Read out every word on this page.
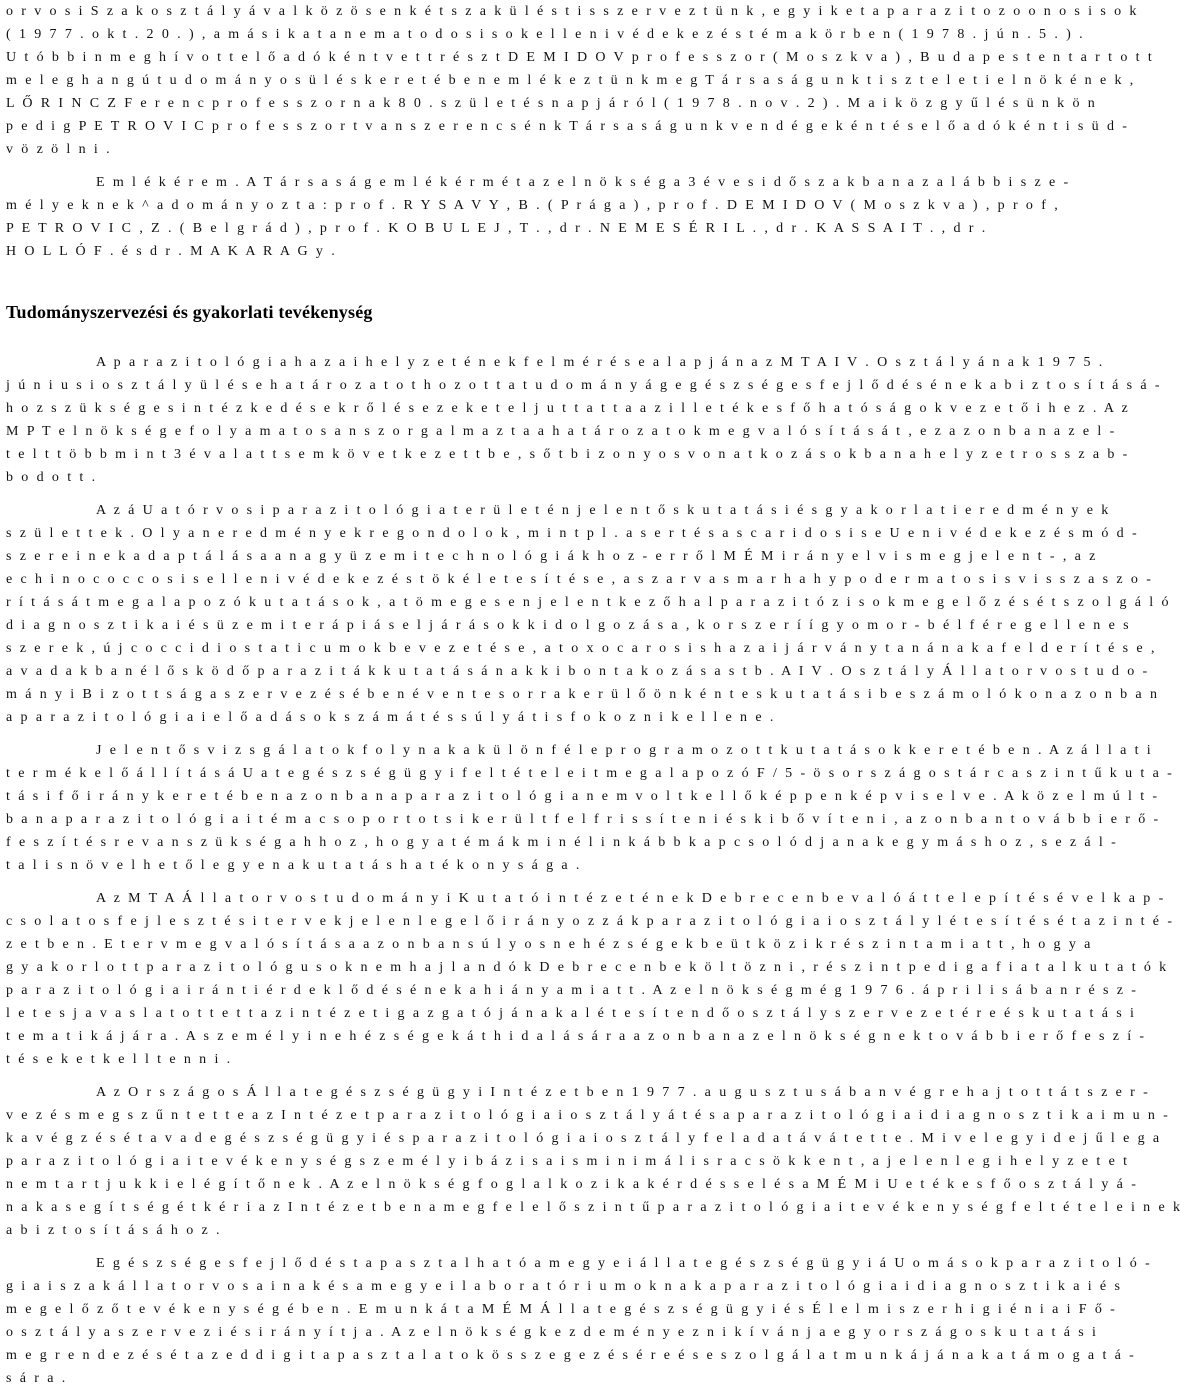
o r v o s i S z a k o s z t á l y á v a l k ö z ö s e n k é t s z a k ü l é s t i s s z e r v e z t ü n k , e g y i k e t a p a r a z i t o z o o n o s i s o k
( 1 9 7 7 . o k t . 2 0 . ) , a m á s i k a t a n e m a t o d o s i s o k e l l e n i v é d e k e z é s t é m a k ö r b e n ( 1 9 7 8 . j ú n . 5 . ) .
U t ó b b i n m e g h í v o t t e l ő a d ó k é n t v e t t r é s z t D E M I D O V p r o f e s s z o r ( M o s z k v a ) , B u d a p e s t e n t a r t o t t
m e l e g h a n g ú t u d o m á n y o s ü l é s k e r e t é b e n e m l é k e z t ü n k m e g T á r s a s á g u n k t i s z t e l e t i e l n ö k é n e k ,
L Ő R I N C Z F e r e n c p r o f e s s z o r n a k 8 0 . s z ü l e t é s n a p j á r ó l ( 1 9 7 8 . n o v . 2 ) . M a i k ö z g y ű l é s ü n k ö n
p e d i g P E T R O V I C p r o f e s s z o r t v a n s z e r e n c s é n k T á r s a s á g u n k v e n d é g e k é n t é s e l ő a d ó k é n t i s ü d -
v ö z ö l n i .
E m l é k é r e m . A T á r s a s á g e m l é k é r m é t a z e l n ö k s é g a 3 é v e s i d ő s z a k b a n a z a l á b b i s z e -
m é l y e k n e k ^ a d o m á n y o z t a : p r o f . R Y S A V Y , B . ( P r á g a ) , p r o f . D E M I D O V ( M o s z k v a ) , p r o f ,
P E T R O V I C , Z . ( B e l g r á d ) , p r o f . K O B U L E J , T . , d r . N E M E S É R I L . , d r . K A S S A I T . , d r .
H O L L Ó F . é s d r . M A K A R A G y .
Tudományszervezési és gyakorlati tevékenység
A p a r a z i t o l ó g i a h a z a i h e l y z e t é n e k f e l m é r é s e a l a p j á n a z M T A I V . O s z t á l y á n a k 1 9 7 5 .
j ú n i u s i o s z t á l y ü l é s e h a t á r o z a t o t h o z o t t a t u d o m á n y á g e g é s z s é g e s f e j l ő d é s é n e k a b i z t o s í t á s á -
h o z s z ü k s é g e s i n t é z k e d é s e k r ő l é s e z e k e t e l j u t t a t t a a z i l l e t é k e s f ő h a t ó s á g o k v e z e t ő i h e z . A z
M P T e l n ö k s é g e f o l y a m a t o s a n s z o r g a l m a z t a a h a t á r o z a t o k m e g v a l ó s í t á s á t , e z a z o n b a n a z e l -
t e l t t ö b b m i n t 3 é v a l a t t s e m k ö v e t k e z e t t b e , s ő t b i z o n y o s v o n a t k o z á s o k b a n a h e l y z e t r o s s z a b -
b o d o t t .
A z á U a t ó r v o s i p a r a z i t o l ó g i a t e r ü l e t é n j e l e n t ő s k u t a t á s i é s g y a k o r l a t i e r e d m é n y e k
s z ü l e t t e k . O l y a n e r e d m é n y e k r e g o n d o l o k , m i n t p l . a s e r t é s a s c a r i d o s i s e U e n i v é d e k e z é s m ó d -
s z e r e i n e k a d a p t á l á s a a n a g y ü z e m i t e c h n o l ó g i á k h o z - e r r ő l M É M i r á n y e l v i s m e g j e l e n t - , a z
e c h i n o c o c c o s i s e l l e n i v é d e k e z é s t ö k é l e t e s í t é s e , a s z a r v a s m a r h a h y p o d e r m a t o s i s v i s s z a s z o -
r í t á s á t m e g a l a p o z ó k u t a t á s o k , a t ö m e g e s e n j e l e n t k e z ő h a l p a r a z i t ó z i s o k m e g e l ő z é s é t s z o l g á l ó
d i a g n o s z t i k a i é s ü z e m i t e r á p i á s e l j á r á s o k k i d o l g o z á s a , k o r s z e r í í g y o m o r - b é l f é r e g e l l e n e s
s z e r e k , ú j c o c c i d i o s t a t i c u m o k b e v e z e t é s e , a t o x o c a r o s i s h a z a i j á r v á n y t a n á n a k a f e l d e r í t é s e ,
a v a d a k b a n é l ő s k ö d ő p a r a z i t á k k u t a t á s á n a k k i b o n t a k o z á s a s t b . A I V . O s z t á l y Á l l a t o r v o s t u d o -
m á n y i B i z o t t s á g a s z e r v e z é s é b e n é v e n t e s o r r a k e r ü l ő ö n k é n t e s k u t a t á s i b e s z á m o l ó k o n a z o n b a n
a p a r a z i t o l ó g i a i e l ő a d á s o k s z á m á t é s s ú l y á t i s f o k o z n i k e l l e n e .
J e l e n t ő s v i z s g á l a t o k f o l y n a k a k ü l ö n f é l e p r o g r a m o z o t t k u t a t á s o k k e r e t é b e n . A z á l l a t i
t e r m é k e l ő á l l í t á s á U a t e g é s z s é g ü g y i f e l t é t e l e i t m e g a l a p o z ó F / 5 - ö s o r s z á g o s t á r c a s z i n t ű k u t a -
t á s i f ő i r á n y k e r e t é b e n a z o n b a n a p a r a z i t o l ó g i a n e m v o l t k e l l ő k é p p e n k é p v i s e l v e . A k ö z e l m ú l t -
b a n a p a r a z i t o l ó g i a i t é m a c s o p o r t o t s i k e r ü l t f e l f r i s s í t e n i é s k i b ő v í t e n i , a z o n b a n t o v á b b i e r ő -
f e s z í t é s r e v a n s z ü k s é g a h h o z , h o g y a t é m á k m i n é l i n k á b b k a p c s o l ó d j a n a k e g y m á s h o z , s e z á l -
t a l i s n ö v e l h e t ő l e g y e n a k u t a t á s h a t é k o n y s á g a .
A z M T A Á l l a t o r v o s t u d o m á n y i K u t a t ó i n t é z e t é n e k D e b r e c e n b e v a l ó á t t e l e p í t é s é v e l k a p -
c s o l a t o s f e j l e s z t é s i t e r v e k j e l e n l e g e l ő i r á n y o z z á k p a r a z i t o l ó g i a i o s z t á l y l é t e s í t é s é t a z i n t é -
z e t b e n . E t e r v m e g v a l ó s í t á s a a z o n b a n s ú l y o s n e h é z s é g e k b e ü t k ö z i k r é s z i n t a m i a t t , h o g y a
g y a k o r l o t t p a r a z i t o l ó g u s o k n e m h a j l a n d ó k D e b r e c e n b e k ö l t ö z n i , r é s z i n t p e d i g a f i a t a l k u t a t ó k
p a r a z i t o l ó g i a i r á n t i é r d e k l ő d é s é n e k a h i á n y a m i a t t . A z e l n ö k s é g m é g 1 9 7 6 . á p r i l i s á b a n r é s z -
l e t e s j a v a s l a t o t t e t t a z i n t é z e t i g a z g a t ó j á n a k a l é t e s í t e n d ő o s z t á l y s z e r v e z e t é r e é s k u t a t á s i
t e m a t i k á j á r a . A s z e m é l y i n e h é z s é g e k á t h i d a l á s á r a a z o n b a n a z e l n ö k s é g n e k t o v á b b i e r ő f e s z í -
t é s e k e t k e l l t e n n i .
A z O r s z á g o s Á l l a t e g é s z s é g ü g y i I n t é z e t b e n 1 9 7 7 . a u g u s z t u s á b a n v é g r e h a j t o t t á t s z e r -
v e z é s m e g s z ű n t e t t e a z I n t é z e t p a r a z i t o l ó g i a i o s z t á l y á t é s a p a r a z i t o l ó g i a i d i a g n o s z t i k a i m u n -
k a v é g z é s é t a v a d e g é s z s é g ü g y i é s p a r a z i t o l ó g i a i o s z t á l y f e l a d a t á v á t e t t e . M i v e l e g y i d e j ű l e g a
p a r a z i t o l ó g i a i t e v é k e n y s é g s z e m é l y i b á z i s a i s m i n i m á l i s r a c s ö k k e n t , a j e l e n l e g i h e l y z e t e t
n e m t a r t j u k k i e l é g í t ő n e k . A z e l n ö k s é g f o g l a l k o z i k a k é r d é s s e l é s a M É M i U e t é k e s f ő o s z t á l y á -
n a k a s e g í t s é g é t k é r i a z I n t é z e t b e n a m e g f e l e l ő s z i n t ű p a r a z i t o l ó g i a i t e v é k e n y s é g f e l t é t e l e i n e k
a b i z t o s í t á s á h o z .
E g é s z s é g e s f e j l ő d é s t a p a s z t a l h a t ó a m e g y e i á l l a t e g é s z s é g ü g y i á U o m á s o k p a r a z i t o l ó -
g i a i s z a k á l l a t o r v o s a i n a k é s a m e g y e i l a b o r a t ó r i u m o k n a k a p a r a z i t o l ó g i a i d i a g n o s z t i k a i é s
m e g e l ő z ő t e v é k e n y s é g é b e n . E m u n k á t a M É M Á l l a t e g é s z s é g ü g y i é s É l e l m i s z e r h i g i é n i a i F ő -
o s z t á l y a s z e r v e z i é s i r á n y í t j a . A z e l n ö k s é g k e z d e m é n y e z n i k í v á n j a e g y o r s z á g o s k u t a t á s i
m e g r e n d e z é s é t a z e d d i g i t a p a s z t a l a t o k ö s s z e g e z é s é r e é s e s z o l g á l a t m u n k á j á n a k a t á m o g a t á -
s á r a .
